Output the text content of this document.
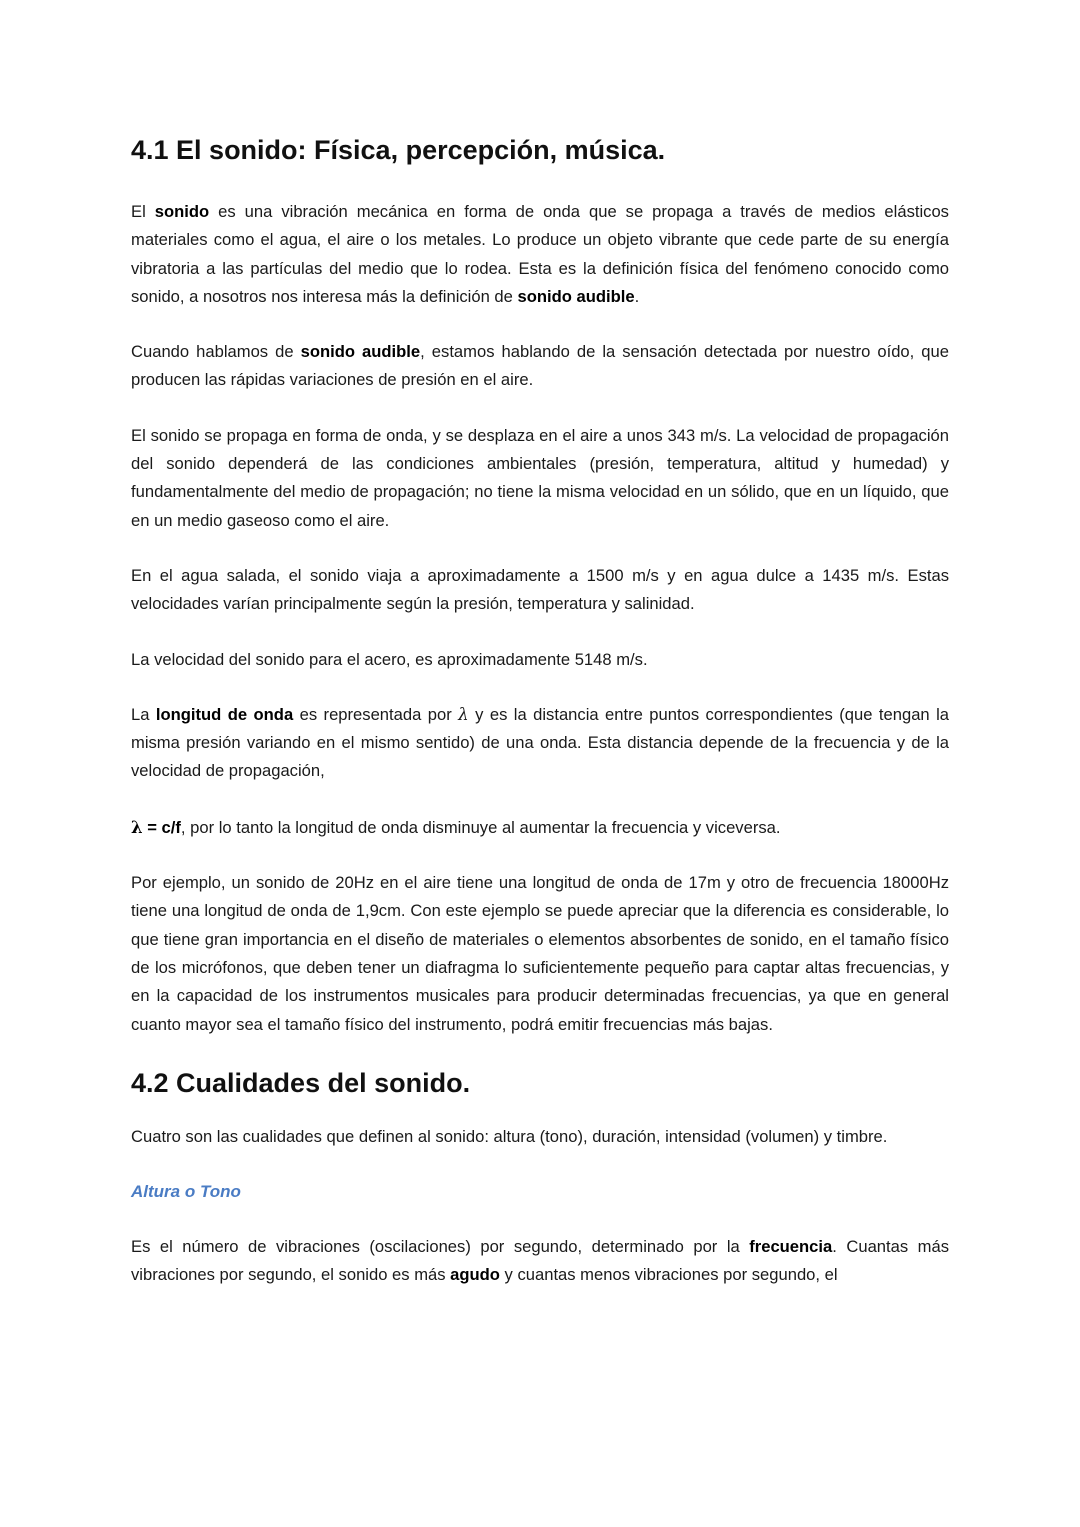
4.1 El sonido: Física, percepción, música.

El sonido es una vibración mecánica en forma de onda que se propaga a través de medios elásticos materiales como el agua, el aire o los metales. Lo produce un objeto vibrante que cede parte de su energía vibratoria a las partículas del medio que lo rodea. Esta es la definición física del fenómeno conocido como sonido, a nosotros nos interesa más la definición de sonido audible.

Cuando hablamos de sonido audible, estamos hablando de la sensación detectada por nuestro oído, que producen las rápidas variaciones de presión en el aire.

El sonido se propaga en forma de onda, y se desplaza en el aire a unos 343 m/s. La velocidad de propagación del sonido dependerá de las condiciones ambientales (presión, temperatura, altitud y humedad) y fundamentalmente del medio de propagación; no tiene la misma velocidad en un sólido, que en un líquido, que en un medio gaseoso como el aire.

En el agua salada, el sonido viaja a aproximadamente a 1500 m/s y en agua dulce a 1435 m/s. Estas velocidades varían principalmente según la presión, temperatura y salinidad.

La velocidad del sonido para el acero, es aproximadamente 5148 m/s.

La longitud de onda es representada por λ y es la distancia entre puntos correspondientes (que tengan la misma presión variando en el mismo sentido) de una onda. Esta distancia depende de la frecuencia y de la velocidad de propagación,

λ = c/f, por lo tanto la longitud de onda disminuye al aumentar la frecuencia y viceversa.

Por ejemplo, un sonido de 20Hz en el aire tiene una longitud de onda de 17m y otro de frecuencia 18000Hz tiene una longitud de onda de 1,9cm. Con este ejemplo se puede apreciar que la diferencia es considerable, lo que tiene gran importancia en el diseño de materiales o elementos absorbentes de sonido, en el tamaño físico de los micrófonos, que deben tener un diafragma lo suficientemente pequeño para captar altas frecuencias, y en la capacidad de los instrumentos musicales para producir determinadas frecuencias, ya que en general cuanto mayor sea el tamaño físico del instrumento, podrá emitir frecuencias más bajas.

4.2 Cualidades del sonido.

Cuatro son las cualidades que definen al sonido: altura (tono), duración, intensidad (volumen) y timbre.

Altura o Tono

Es el número de vibraciones (oscilaciones) por segundo, determinado por la frecuencia. Cuantas más vibraciones por segundo, el sonido es más agudo y cuantas menos vibraciones por segundo, el
